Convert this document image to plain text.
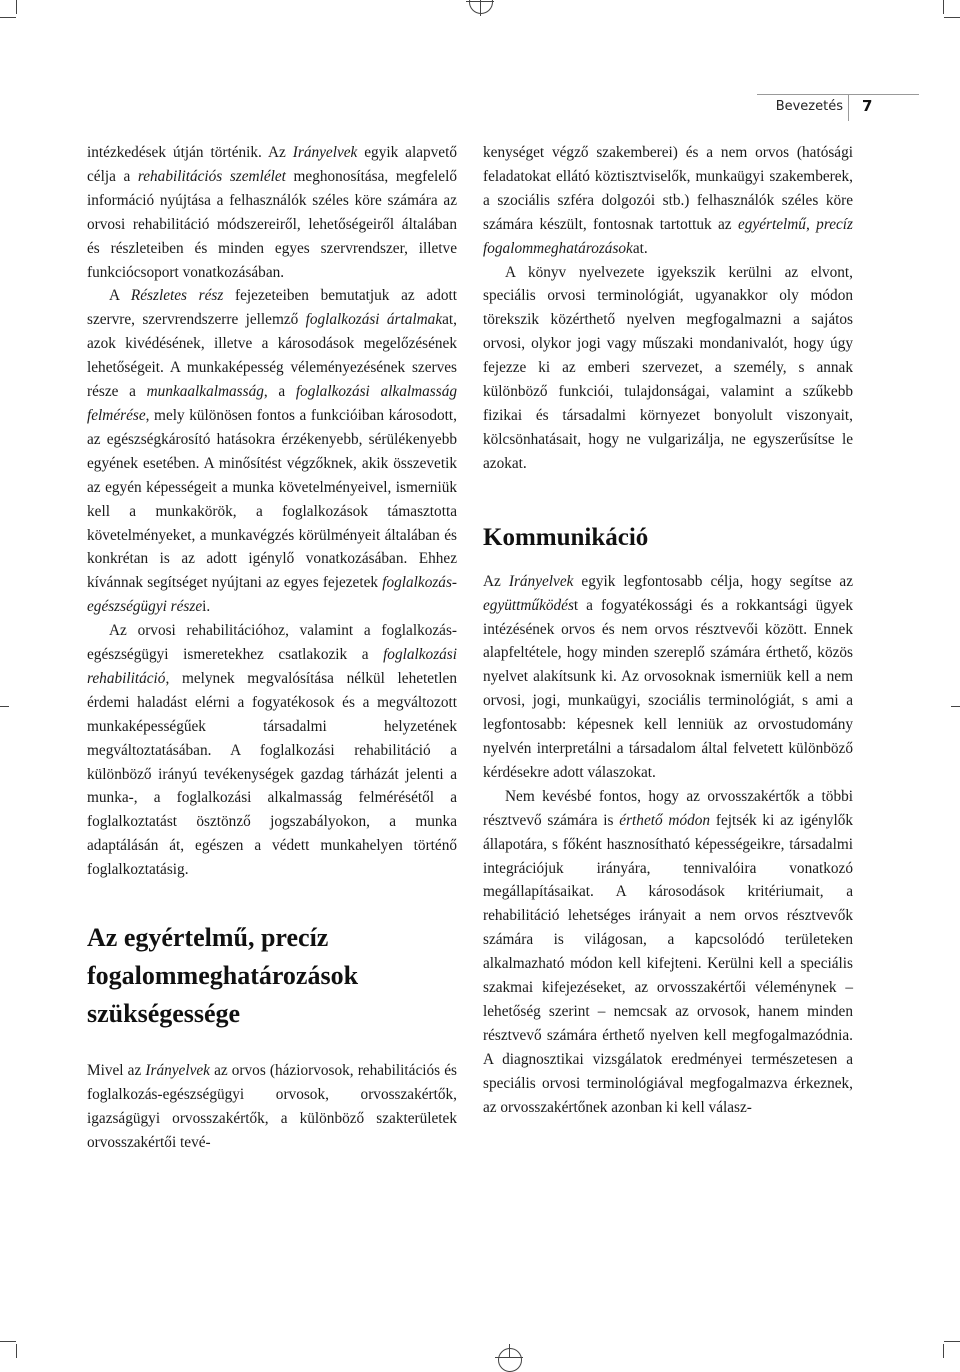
Bevezetés 7

intézkedések útján történik. Az Irányelvek egyik alapvető célja a rehabilitációs szemlélet meghonosítása, megfelelő információ nyújtása a felhasználók széles köre számára az orvosi rehabilitáció módszereiről, lehetőségeiről általában és részleteiben és minden egyes szervrendszer, illetve funkciócsoport vonatkozásában.

A Részletes rész fejezeteiben bemutatjuk az adott szervre, szervrendszerre jellemző foglalkozási ártalmakat, azok kivédésének, illetve a károsodások megelőzésének lehetőségeit. A munkaképesség véleményezésének szerves része a munkaalkalmasság, a foglalkozási alkalmasság felmérése, mely különösen fontos a funkcióiban károsodott, az egészségkárosító hatásokra érzékenyebb, sérülékenyebb egyének esetében. A minősítést végzőknek, akik összevetik az egyén képességeit a munka követelményeivel, ismerniük kell a munkakörök, a foglalkozások támasztotta követelményeket, a munkavégzés körülményeit általában és konkrétan is az adott igénylő vonatkozásában. Ehhez kívánnak segítséget nyújtani az egyes fejezetek foglalkozás-egészségügyi részei.

Az orvosi rehabilitációhoz, valamint a foglalkozás-egészségügyi ismeretekhez csatlakozik a foglalkozási rehabilitáció, melynek megvalósítása nélkül lehetetlen érdemi haladást elérni a fogyatékosok és a megváltozott munkaképességűek társadalmi helyzetének megváltoztatásában. A foglalkozási rehabilitáció a különböző irányú tevékenységek gazdag tárházát jelenti a munka-, a foglalkozási alkalmasság felmérésétől a foglalkoztatást ösztönző jogszabályokon, a munka adaptálásán át, egészen a védett munkahelyen történő foglalkoztatásig.

Az egyértelmű, precíz fogalommeghatározások szükségessége

Mivel az Irányelvek az orvos (háziorvosok, rehabilitációs és foglalkozás-egészségügyi orvosok, orvosszakértők, igazságügyi orvosszakértők, a különböző szakterületek orvosszakértői tevé-

kenységet végző szakemberei) és a nem orvos (hatósági feladatokat ellátó köztisztviselők, munkaügyi szakemberek, a szociális szféra dolgozói stb.) felhasználók széles köre számára készült, fontosnak tartottuk az egyértelmű, precíz fogalommeghatározásokat.

A könyv nyelvezete igyekszik kerülni az elvont, speciális orvosi terminológiát, ugyanakkor oly módon törekszik közérthető nyelven megfogalmazni a sajátos orvosi, olykor jogi vagy műszaki mondanivalót, hogy úgy fejezze ki az emberi szervezet, a személy, s annak különböző funkciói, tulajdonságai, valamint a szűkebb fizikai és társadalmi környezet bonyolult viszonyait, kölcsönhatásait, hogy ne vulgarizálja, ne egyszerűsítse le azokat.

Kommunikáció

Az Irányelvek egyik legfontosabb célja, hogy segítse az együttműködést a fogyatékossági és a rokkantsági ügyek intézésének orvos és nem orvos résztvevői között. Ennek alapfeltétele, hogy minden szereplő számára érthető, közös nyelvet alakítsunk ki. Az orvosoknak ismerniük kell a nem orvosi, jogi, munkaügyi, szociális terminológiát, s ami a legfontosabb: képesnek kell lenniük az orvostudomány nyelvén interpretálni a társadalom által felvetett különböző kérdésekre adott válaszokat.

Nem kevésbé fontos, hogy az orvosszakértők a többi résztvevő számára is érthető módon fejtsék ki az igénylők állapotára, s főként hasznosítható képességeikre, társadalmi integrációjuk irányára, tennivalóira vonatkozó megállapításaikat. A károsodások kritériumait, a rehabilitáció lehetséges irányait a nem orvos résztvevők számára is világosan, a kapcsolódó területeken alkalmazható módon kell kifejteni. Kerülni kell a speciális szakmai kifejezéseket, az orvosszakértői véleménynek – lehetőség szerint – nemcsak az orvosok, hanem minden résztvevő számára érthető nyelven kell megfogalmazódnia. A diagnosztikai vizsgálatok eredményei természetesen a speciális orvosi terminológiával megfogalmazva érkeznek, az orvosszakértőnek azonban ki kell válasz-
